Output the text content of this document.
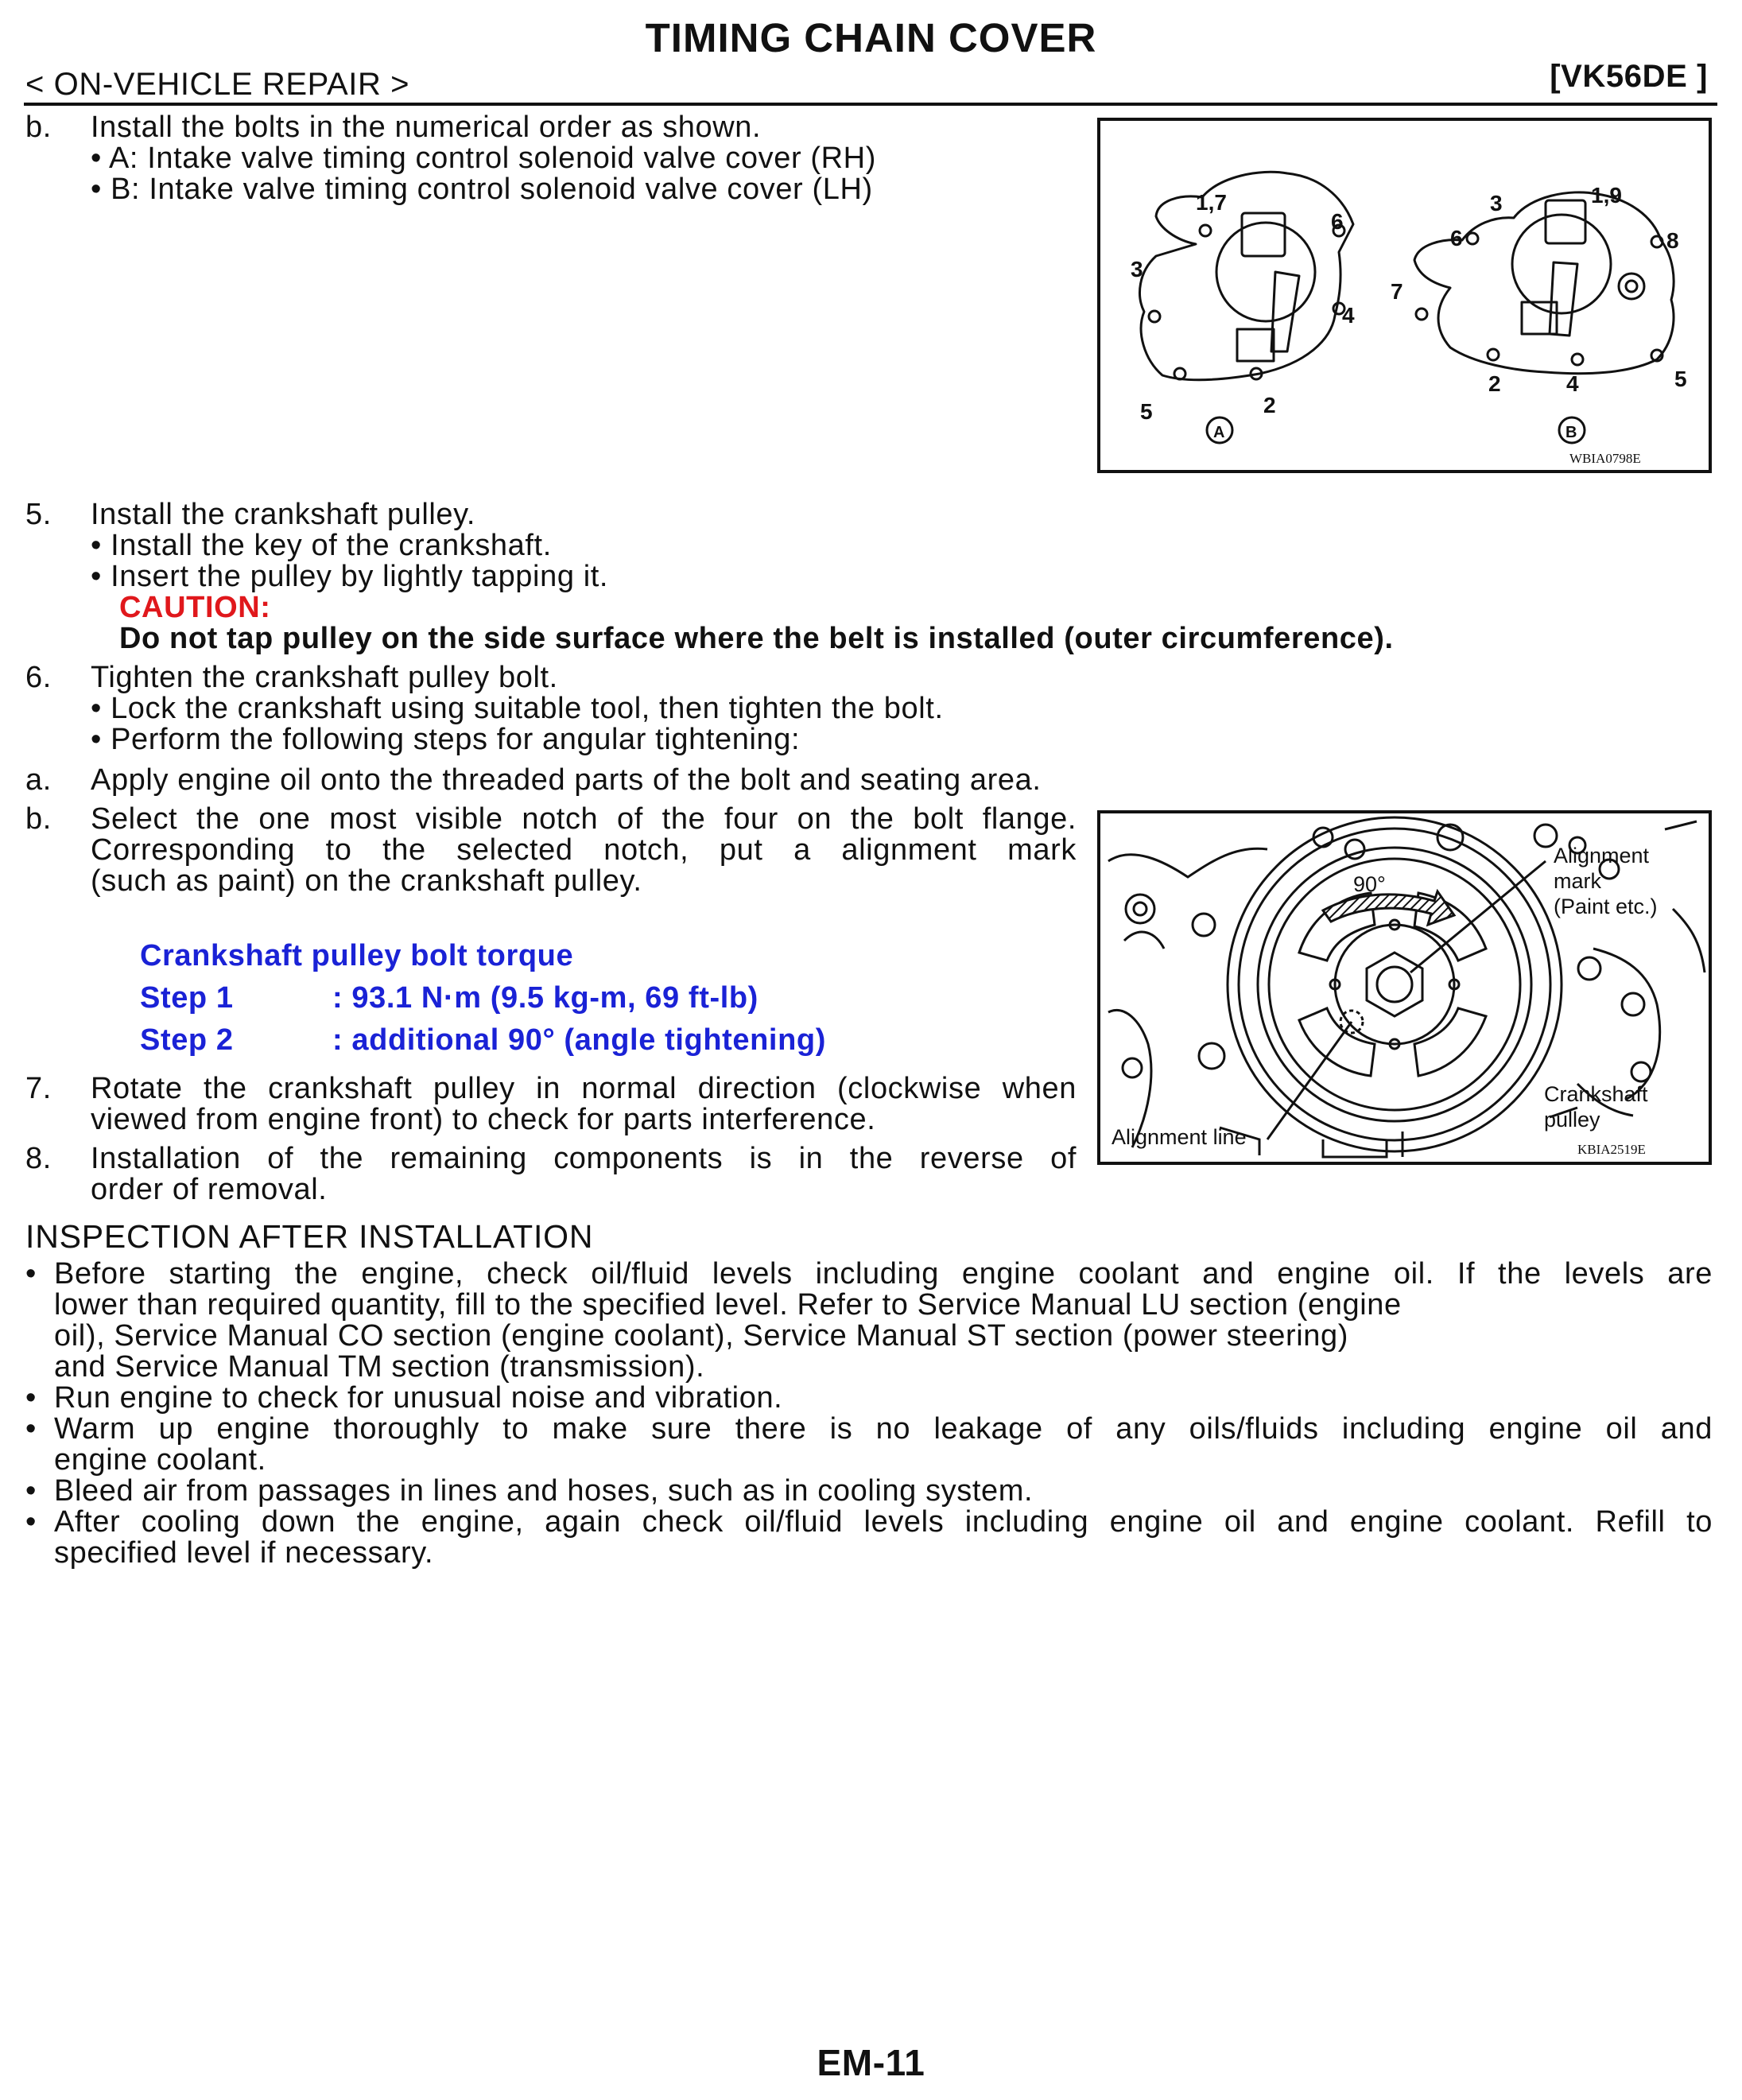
TIMING CHAIN COVER
< ON-VEHICLE REPAIR >	[VK56DE ]
b. Install the bolts in the numerical order as shown.
• A: Intake valve timing control solenoid valve cover (RH)
• B: Intake valve timing control solenoid valve cover (LH)	1,7
6
3
4
5	2
A
3	1,9
6	8
7
2	4	5
B
WBIA0798E
5. Install the crankshaft pulley.
• Install the key of the crankshaft.
• Insert the pulley by lightly tapping it.
CAUTION:
Do not tap pulley on the side surface where the belt is installed (outer circumference).
6. Tighten the crankshaft pulley bolt.
• Lock the crankshaft using suitable tool, then tighten the bolt.
• Perform the following steps for angular tightening:
a. Apply engine oil onto the threaded parts of the bolt and seating area.
b. Select the one most visible notch of the four on the bolt flange.
Corresponding to the selected notch, put a alignment mark
(such as paint) on the crankshaft pulley.
Crankshaft pulley bolt torque
Step 1	: 93.1 N·m (9.5 kg-m, 69 ft-lb)
Step 2	: additional 90° (angle tightening)
90°
Alignment
mark
(Paint etc.)
Crankshaft
pulley
Alignment line
KBIA2519E
7. Rotate the crankshaft pulley in normal direction (clockwise when
viewed from engine front) to check for parts interference.
8. Installation of the remaining components is in the reverse of
order of removal.
INSPECTION AFTER INSTALLATION
• Before starting the engine, check oil/fluid levels including engine coolant and engine oil. If the levels are
lower than required quantity, fill to the specified level. Refer to Service Manual LU section (engine
oil), Service Manual CO section (engine coolant), Service Manual ST section (power steering)
and Service Manual TM section (transmission).
• Run engine to check for unusual noise and vibration.
• Warm up engine thoroughly to make sure there is no leakage of any oils/fluids including engine oil and
engine coolant.
• Bleed air from passages in lines and hoses, such as in cooling system.
• After cooling down the engine, again check oil/fluid levels including engine oil and engine coolant. Refill to
specified level if necessary.
EM-11
